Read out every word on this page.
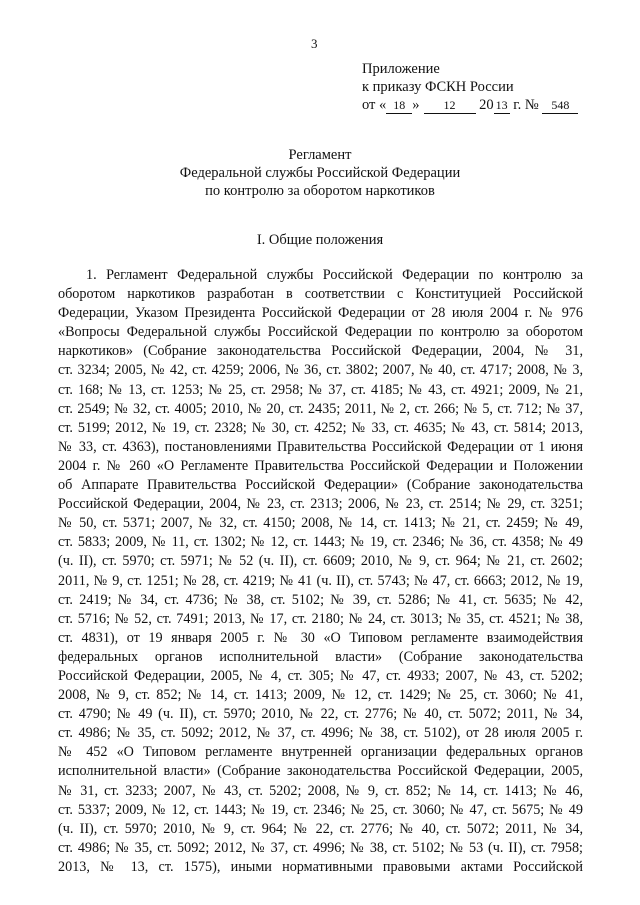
3
Приложение
к приказу ФСКН России
от « 18 » 12 20 13 г. № 548
Регламент
Федеральной службы Российской Федерации
по контролю за оборотом наркотиков
I. Общие положения
1. Регламент Федеральной службы Российской Федерации по контролю за
оборотом наркотиков разработан в соответствии с Конституцией Российской
Федерации, Указом Президента Российской Федерации от 28 июля 2004 г. № 976
«Вопросы Федеральной службы Российской Федерации по контролю за оборотом
наркотиков» (Собрание законодательства Российской Федерации, 2004, № 31,
ст. 3234; 2005, № 42, ст. 4259; 2006, № 36, ст. 3802; 2007, № 40, ст. 4717; 2008, № 3,
ст. 168; № 13, ст. 1253; № 25, ст. 2958; № 37, ст. 4185; № 43, ст. 4921; 2009, № 21,
ст. 2549; № 32, ст. 4005; 2010, № 20, ст. 2435; 2011, № 2, ст. 266; № 5, ст. 712; № 37,
ст. 5199; 2012, № 19, ст. 2328; № 30, ст. 4252; № 33, ст. 4635; № 43, ст. 5814; 2013,
№ 33, ст. 4363), постановлениями Правительства Российской Федерации от 1 июня
2004 г. № 260 «О Регламенте Правительства Российской Федерации и Положении
об Аппарате Правительства Российской Федерации» (Собрание законодательства
Российской Федерации, 2004, № 23, ст. 2313; 2006, № 23, ст. 2514; № 29, ст. 3251;
№ 50, ст. 5371; 2007, № 32, ст. 4150; 2008, № 14, ст. 1413; № 21, ст. 2459; № 49,
ст. 5833; 2009, № 11, ст. 1302; № 12, ст. 1443; № 19, ст. 2346; № 36, ст. 4358; № 49
(ч. II), ст. 5970; ст. 5971; № 52 (ч. II), ст. 6609; 2010, № 9, ст. 964; № 21, ст. 2602;
2011, № 9, ст. 1251; № 28, ст. 4219; № 41 (ч. II), ст. 5743; № 47, ст. 6663; 2012, № 19,
ст. 2419; № 34, ст. 4736; № 38, ст. 5102; № 39, ст. 5286; № 41, ст. 5635; № 42,
ст. 5716; № 52, ст. 7491; 2013, № 17, ст. 2180; № 24, ст. 3013; № 35, ст. 4521; № 38,
ст. 4831), от 19 января 2005 г. № 30 «О Типовом регламенте взаимодействия
федеральных органов исполнительной власти» (Собрание законодательства
Российской Федерации, 2005, № 4, ст. 305; № 47, ст. 4933; 2007, № 43, ст. 5202;
2008, № 9, ст. 852; № 14, ст. 1413; 2009, № 12, ст. 1429; № 25, ст. 3060; № 41,
ст. 4790; № 49 (ч. II), ст. 5970; 2010, № 22, ст. 2776; № 40, ст. 5072; 2011, № 34,
ст. 4986; № 35, ст. 5092; 2012, № 37, ст. 4996; № 38, ст. 5102), от 28 июля 2005 г.
№ 452 «О Типовом регламенте внутренней организации федеральных органов
исполнительной власти» (Собрание законодательства Российской Федерации, 2005,
№ 31, ст. 3233; 2007, № 43, ст. 5202; 2008, № 9, ст. 852; № 14, ст. 1413; № 46,
ст. 5337; 2009, № 12, ст. 1443; № 19, ст. 2346; № 25, ст. 3060; № 47, ст. 5675; № 49
(ч. II), ст. 5970; 2010, № 9, ст. 964; № 22, ст. 2776; № 40, ст. 5072; 2011, № 34,
ст. 4986; № 35, ст. 5092; 2012, № 37, ст. 4996; № 38, ст. 5102; № 53 (ч. II), ст. 7958;
2013, № 13, ст. 1575), иными нормативными правовыми актами Российской
